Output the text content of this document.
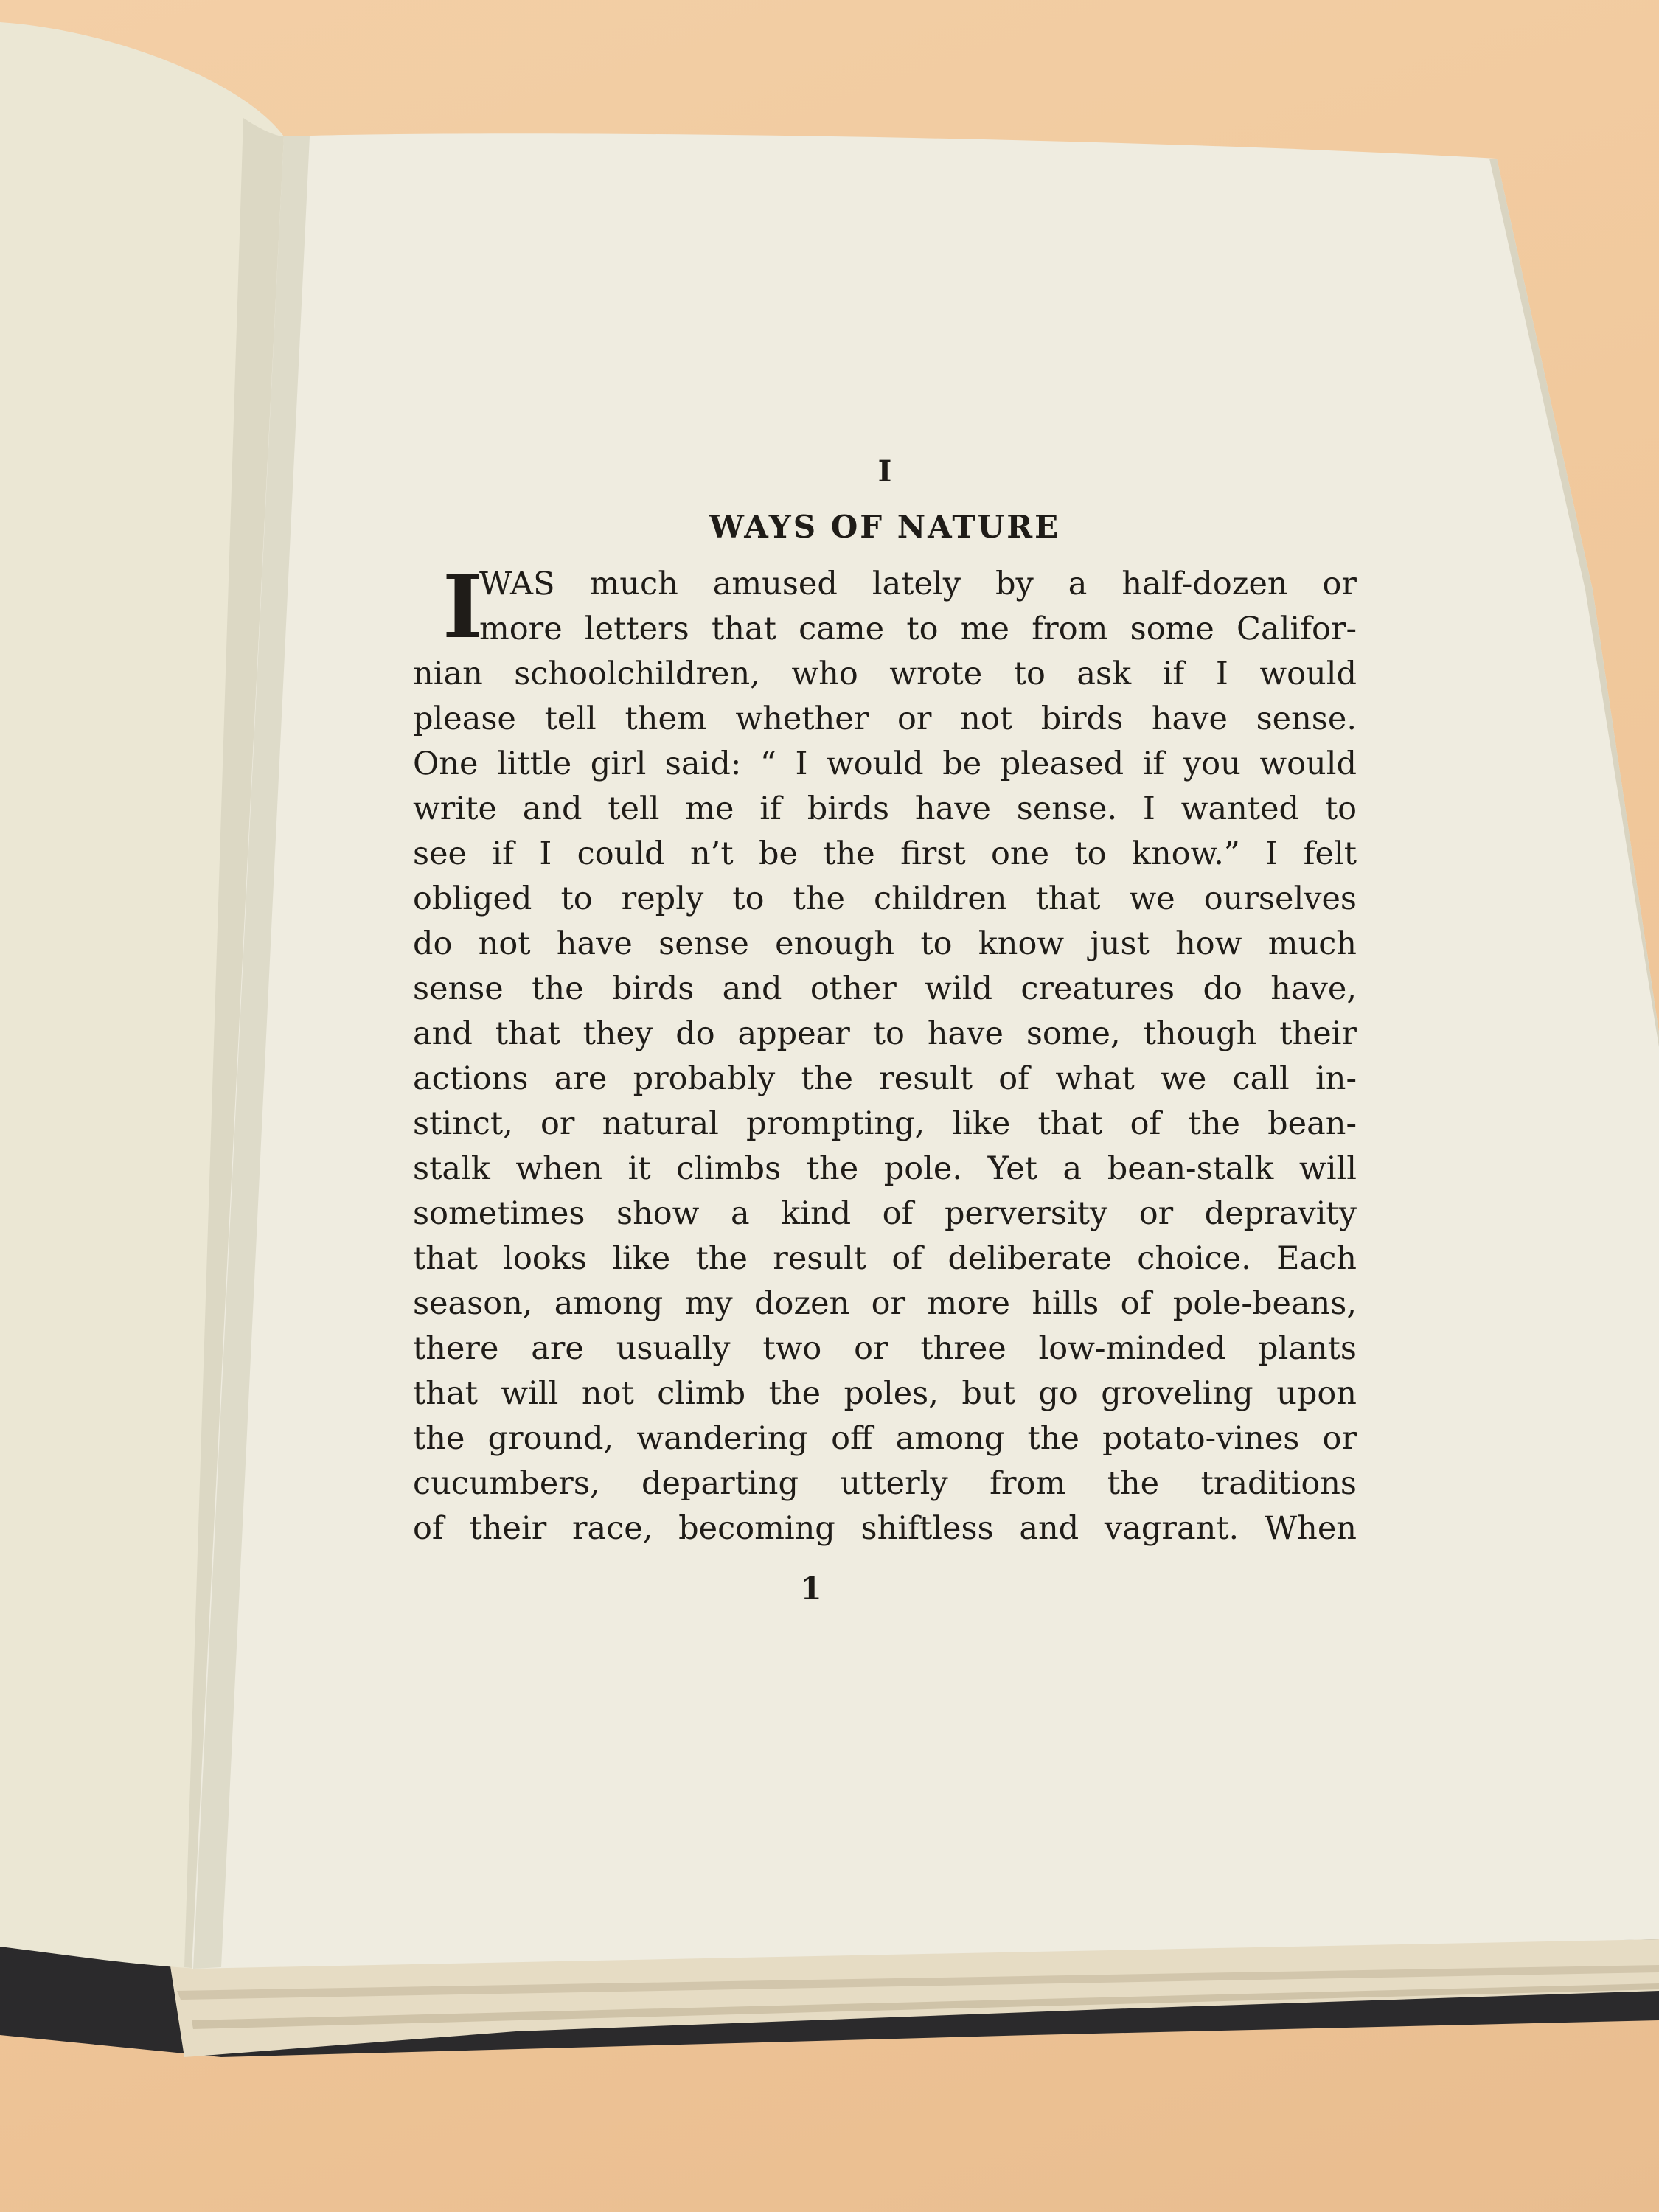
I
WAYS OF NATURE
I
WAS much amused lately by a half-dozen or
more letters that came to me from some Califor-
nian schoolchildren, who wrote to ask if I would
please tell them whether or not birds have sense.
One little girl said: “ I would be pleased if you would
write and tell me if birds have sense. I wanted to
see if I could n’t be the first one to know.” I felt
obliged to reply to the children that we ourselves
do not have sense enough to know just how much
sense the birds and other wild creatures do have,
and that they do appear to have some, though their
actions are probably the result of what we call in-
stinct, or natural prompting, like that of the bean-
stalk when it climbs the pole. Yet a bean-stalk will
sometimes show a kind of perversity or depravity
that looks like the result of deliberate choice. Each
season, among my dozen or more hills of pole-beans,
there are usually two or three low-minded plants
that will not climb the poles, but go groveling upon
the ground, wandering off among the potato-vines or
cucumbers, departing utterly from the traditions
of their race, becoming shiftless and vagrant. When
1
